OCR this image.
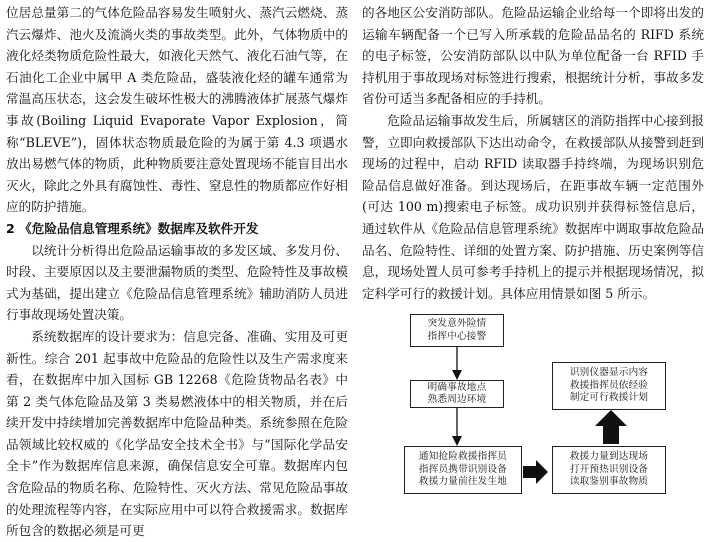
位居总量第二的气体危险品容易发生喷射火、蒸汽云燃烧、蒸汽云爆炸、池火及流淌火类的事故类型。此外，气体物质中的液化烃类物质危险性最大，如液化天然气、液化石油气等，在石油化工企业中属甲 A 类危险品，盛装液化烃的罐车通常为常温高压状态，这会发生破坏性极大的沸腾液体扩展蒸气爆炸事故(Boiling Liquid Evaporate Vapor Explosion，简称“BLEVE”)，固体状态物质最危险的为属于第 4.3 项遇水放出易燃气体的物质，此种物质要注意处置现场不能盲目出水灭火，除此之外具有腐蚀性、毒性、窒息性的物质都应作好相应的防护措施。

2 《危险品信息管理系统》数据库及软件开发

以统计分析得出危险品运输事故的多发区域、多发月份、时段、主要原因以及主要泄漏物质的类型、危险特性及事故模式为基础，提出建立《危险品信息管理系统》辅助消防人员进行事故现场处置决策。

系统数据库的设计要求为：信息完备、准确、实用及可更新性。综合 201 起事故中危险品的危险性以及生产需求度来看，在数据库中加入国标 GB 12268《危险货物品名表》中第 2 类气体危险品及第 3 类易燃液体中的相关物质，并在后续开发中持续增加完善数据库中危险品种类。系统参照在危险品领域比较权威的《化学品安全技术全书》与“国际化学品安全卡”作为数据库信息来源，确保信息安全可靠。数据库内包含危险品的物质名称、危险特性、灭火方法、常见危险品事故的处理流程等内容，在实际应用中可以符合救援需求。数据库所包含的数据必须是可更

的各地区公安消防部队。危险品运输企业给每一个即将出发的运输车辆配备一个已写入所承载的危险品品名的 RIFD 系统的电子标签，公安消防部队以中队为单位配备一台 RFID 手持机用于事故现场对标签进行搜索，根据统计分析，事故多发省份可适当多配备相应的手持机。

危险品运输事故发生后，所属辖区的消防指挥中心接到报警，立即向救援部队下达出动命令，在救援部队从接警到赶到现场的过程中，启动 RFID 读取器手持终端，为现场识别危险品信息做好准备。到达现场后，在距事故车辆一定范围外(可达 100 m)搜索电子标签。成功识别并获得标签信息后，通过软件从《危险品信息管理系统》数据库中调取事故危险品品名、危险特性、详细的处置方案、防护措施、历史案例等信息，现场处置人员可参考手持机上的提示并根据现场情况，拟定科学可行的救援计划。具体应用情景如图 5 所示。

突发意外险情
指挥中心接警
明确事故地点
熟悉周边环境
通知抢险救援指挥员
指挥员携带识别设备
救援力量前往发生地
救援力量到达现场
打开预热识别设备
读取鉴别事故物质
识别仪器显示内容
救援指挥员依经验
制定可行救援计划
